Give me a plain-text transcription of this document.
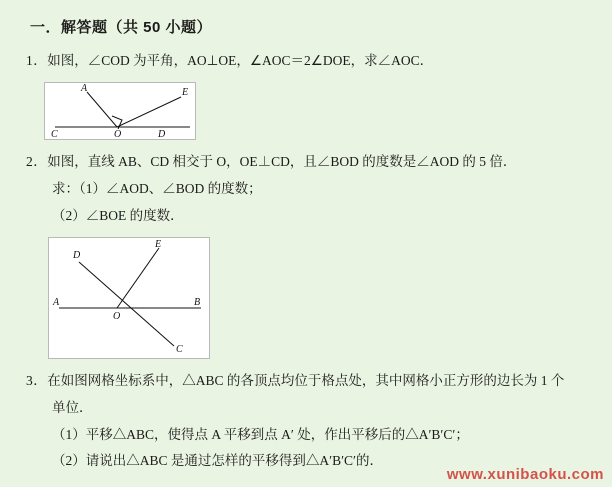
一．解答题（共 50 小题）
1．如图，∠COD 为平角，AO⊥OE，∠AOC＝2∠DOE，求∠AOC．
A	E
C	O	D
2．如图，直线 AB、CD 相交于 O，OE⊥CD，且∠BOD 的度数是∠AOD 的 5 倍．
求：（1）∠AOD、∠BOD 的度数；
（2）∠BOE 的度数．
D
E
A	B
O
C
3．在如图网格坐标系中，△ABC 的各顶点均位于格点处，其中网格小正方形的边长为 1 个
单位．
（1）平移△ABC，使得点 A 平移到点 A′ 处，作出平移后的△A′B′C′；
（2）请说出△ABC 是通过怎样的平移得到△A′B′C′的．
www.xunibaoku.com
